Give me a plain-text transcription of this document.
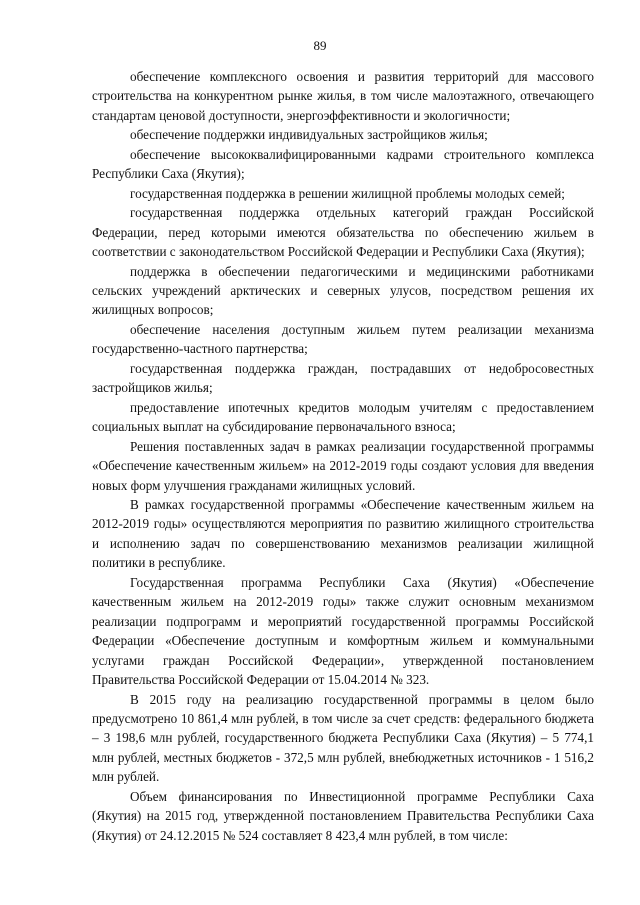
89

обеспечение комплексного освоения и развития территорий для массового строительства на конкурентном рынке жилья, в том числе малоэтажного, отвечающего стандартам ценовой доступности, энергоэффективности и экологичности;

обеспечение поддержки индивидуальных застройщиков жилья;

обеспечение высококвалифицированными кадрами строительного комплекса Республики Саха (Якутия);

государственная поддержка в решении жилищной проблемы молодых семей;

государственная поддержка отдельных категорий граждан Российской Федерации, перед которыми имеются обязательства по обеспечению жильем в соответствии с законодательством Российской Федерации и Республики Саха (Якутия);

поддержка в обеспечении педагогическими и медицинскими работниками сельских учреждений арктических и северных улусов, посредством решения их жилищных вопросов;

обеспечение населения доступным жильем путем реализации механизма государственно-частного партнерства;

государственная поддержка граждан, пострадавших от недобросовестных застройщиков жилья;

предоставление ипотечных кредитов молодым учителям с предоставлением социальных выплат на субсидирование первоначального взноса;

Решения поставленных задач в рамках реализации государственной программы «Обеспечение качественным жильем» на 2012-2019 годы создают условия для введения новых форм улучшения гражданами жилищных условий.

В рамках государственной программы «Обеспечение качественным жильем на 2012-2019 годы» осуществляются мероприятия по развитию жилищного строительства и исполнению задач по совершенствованию механизмов реализации жилищной политики в республике.

Государственная программа Республики Саха (Якутия) «Обеспечение качественным жильем на 2012-2019 годы» также служит основным механизмом реализации подпрограмм и мероприятий государственной программы Российской Федерации «Обеспечение доступным и комфортным жильем и коммунальными услугами граждан Российской Федерации», утвержденной постановлением Правительства Российской Федерации от 15.04.2014 № 323.

В 2015 году на реализацию государственной программы в целом было предусмотрено 10 861,4 млн рублей, в том числе за счет средств: федерального бюджета – 3 198,6 млн рублей, государственного бюджета Республики Саха (Якутия) – 5 774,1 млн рублей, местных бюджетов - 372,5 млн рублей, внебюджетных источников - 1 516,2 млн рублей.

Объем финансирования по Инвестиционной программе Республики Саха (Якутия) на 2015 год, утвержденной постановлением Правительства Республики Саха (Якутия) от 24.12.2015 № 524 составляет 8 423,4 млн рублей, в том числе:
